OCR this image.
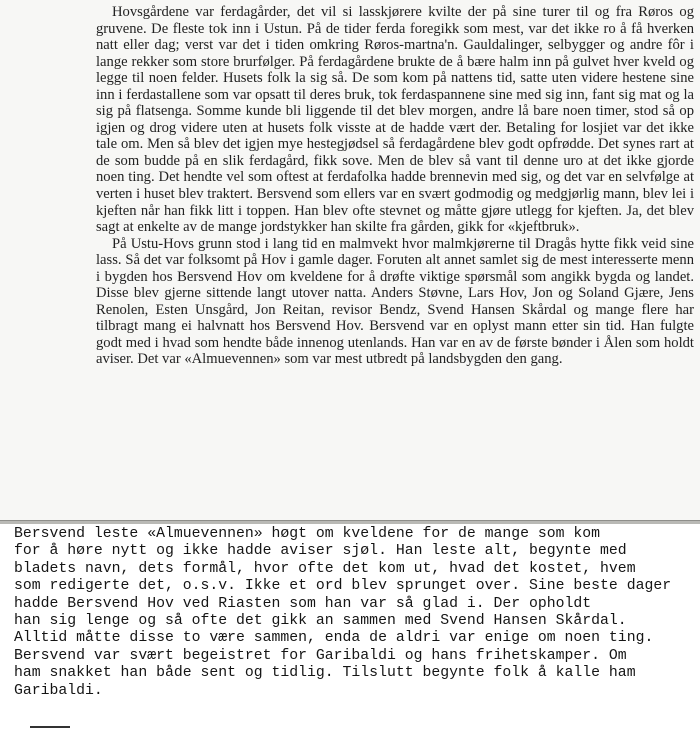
Hovsgårdene var ferdagårder, det vil si lasskjørere kvilte der på sine turer til og fra Røros og gruvene. De fleste tok inn i Ustun. På de tider ferda foregikk som mest, var det ikke ro å få hverken natt eller dag; verst var det i tiden omkring Røros-martna'n. Gauldalinger, selbygger og andre fôr i lange rekker som store brurfølger. På ferdagårdene brukte de å bære halm inn på gulvet hver kveld og legge til noen felder. Husets folk la sig så. De som kom på nattens tid, satte uten videre hestene sine inn i ferdastallene som var opsatt til deres bruk, tok ferdaspannene sine med sig inn, fant sig mat og la sig på flatsenga. Somme kunde bli liggende til det blev morgen, andre lå bare noen timer, stod så op igjen og drog videre uten at husets folk visste at de hadde vært der. Betaling for losjiet var det ikke tale om. Men så blev det igjen mye hestegjødsel så ferdagårdene blev godt opfrødde. Det synes rart at de som budde på en slik ferdagård, fikk sove. Men de blev så vant til denne uro at det ikke gjorde noen ting. Det hendte vel som oftest at ferdafolka hadde brennevin med sig, og det var en selvfølge at verten i huset blev traktert. Bersvend som ellers var en svært godmodig og medgjørlig mann, blev lei i kjeften når han fikk litt i toppen. Han blev ofte stevnet og måtte gjøre utlegg for kjeften. Ja, det blev sagt at enkelte av de mange jordstykker han skilte fra gården, gikk for «kjeftbruk».

På Ustu-Hovs grunn stod i lang tid en malmvekt hvor malmkjørerne til Dragås hytte fikk veid sine lass. Så det var folksomt på Hov i gamle dager. Foruten alt annet samlet sig de mest interesserte menn i bygden hos Bersvend Hov om kveldene for å drøfte viktige spørsmål som angikk bygda og landet. Disse blev gjerne sittende langt utover natta. Anders Støvne, Lars Hov, Jon og Soland Gjære, Jens Renolen, Esten Unsgård, Jon Reitan, revisor Bendz, Svend Hansen Skårdal og mange flere har tilbragt mang ei halvnatt hos Bersvend Hov. Bersvend var en oplyst mann etter sin tid. Han fulgte godt med i hvad som hendte både innenog utenlands. Han var en av de første bønder i Ålen som holdt aviser. Det var «Almuevennen» som var mest utbredt på landsbygden den gang.

Bersvend leste «Almuevennen» høgt om kveldene for de mange som kom
for å høre nytt og ikke hadde aviser sjøl. Han leste alt, begynte med
bladets navn, dets formål, hvor ofte det kom ut, hvad det kostet, hvem
som redigerte det, o.s.v. Ikke et ord blev sprunget over. Sine beste dager
hadde Bersvend Hov ved Riasten som han var så glad i. Der opholdt
han sig lenge og så ofte det gikk an sammen med Svend Hansen Skårdal.
Alltid måtte disse to være sammen, enda de aldri var enige om noen ting.
Bersvend var svært begeistret for Garibaldi og hans frihetskamper. Om
ham snakket han både sent og tidlig. Tilslutt begynte folk å kalle ham
Garibaldi.
